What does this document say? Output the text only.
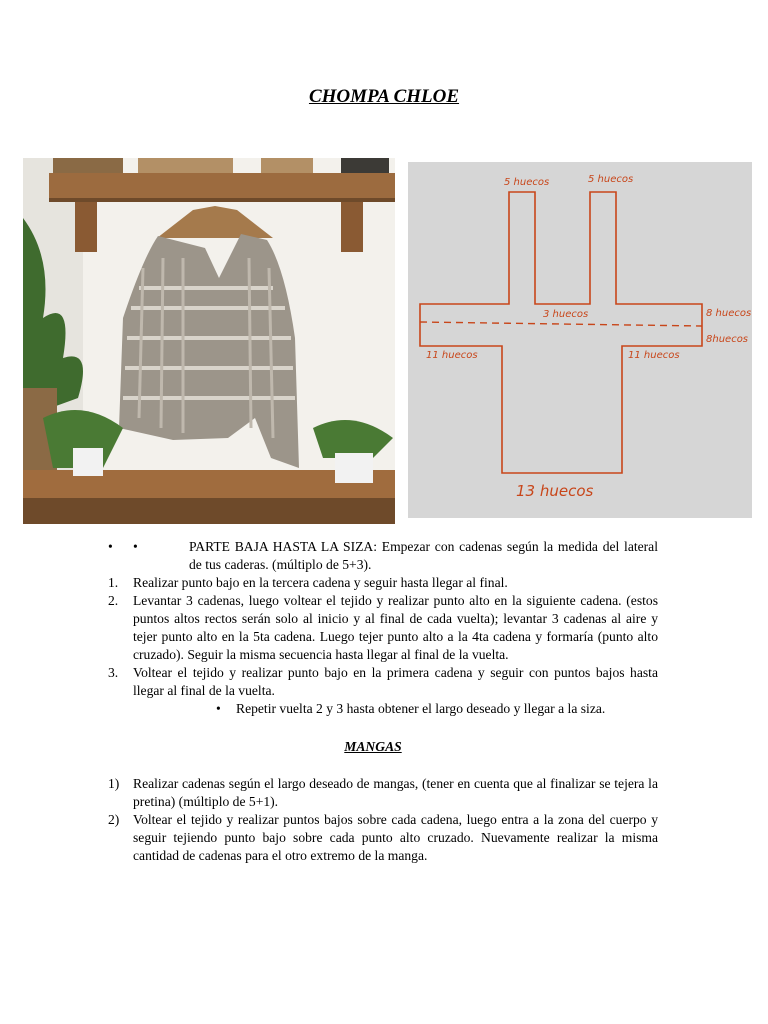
CHOMPA CHLOE
5 huecos	5 huecos
3 huecos	8 huecos
8huecos
11 huecos	11 huecos
13 huecos
• •	PARTE BAJA HASTA LA SIZA: Empezar con cadenas según la medida del lateral de tus caderas. (múltiplo de 5+3).
1. Realizar punto bajo en la tercera cadena y seguir hasta llegar al final.
2. Levantar 3 cadenas, luego voltear el tejido y realizar punto alto en la siguiente cadena. (estos puntos altos rectos serán solo al inicio y al final de cada vuelta); levantar 3 cadenas al aire y tejer punto alto en la 5ta cadena. Luego tejer punto alto a la 4ta cadena y formaría (punto alto cruzado). Seguir la misma secuencia hasta llegar al final de la vuelta.
3. Voltear el tejido y realizar punto bajo en la primera cadena y seguir con puntos bajos hasta llegar al final de la vuelta.
• Repetir vuelta 2 y 3 hasta obtener el largo deseado y llegar a la siza.
MANGAS
1) Realizar cadenas según el largo deseado de mangas, (tener en cuenta que al finalizar se tejera la pretina) (múltiplo de 5+1).
2) Voltear el tejido y realizar puntos bajos sobre cada cadena, luego entra a la zona del cuerpo y seguir tejiendo punto bajo sobre cada punto alto cruzado. Nuevamente realizar la misma cantidad de cadenas para el otro extremo de la manga.
